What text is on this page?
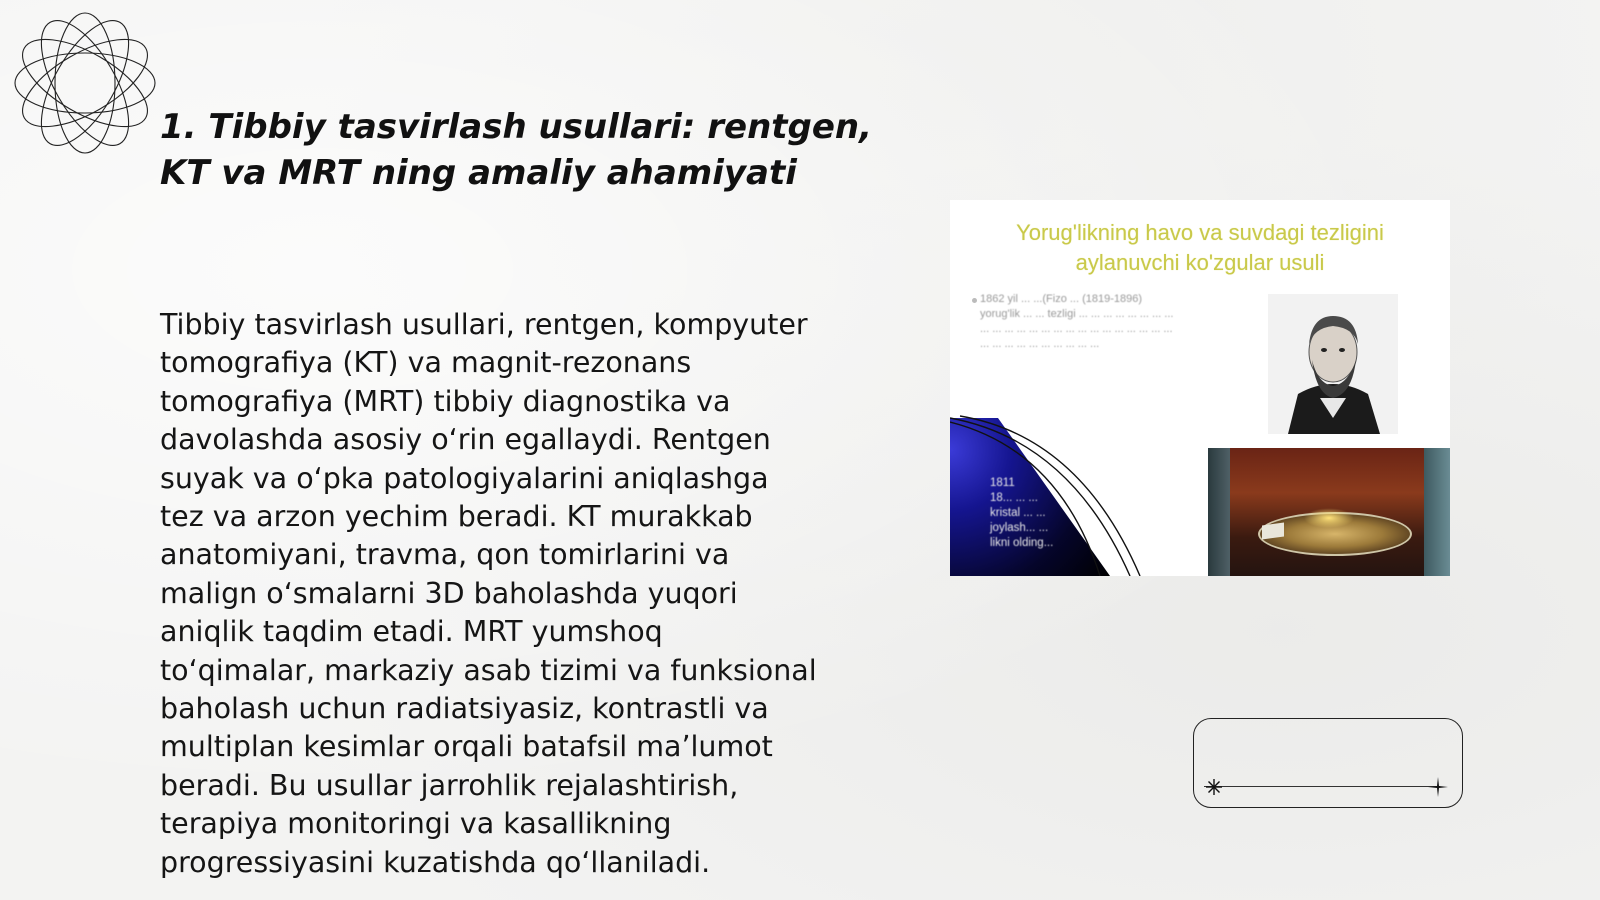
1. Tibbiy tasvirlash usullari: rentgen,
KT va MRT ning amaliy ahamiyati

Tibbiy tasvirlash usullari, rentgen, kompyuter
tomografiya (KT) va magnit-rezonans
tomografiya (MRT) tibbiy diagnostika va
davolashda asosiy oʻrin egallaydi. Rentgen
suyak va oʻpka patologiyalarini aniqlashga
tez va arzon yechim beradi. KT murakkab
anatomiyani, travma, qon tomirlarini va
malign oʻsmalarni 3D baholashda yuqori
aniqlik taqdim etadi. MRT yumshoq
toʻqimalar, markaziy asab tizimi va funksional
baholash uchun radiatsiyasiz, kontrastli va
multiplan kesimlar orqali batafsil maʼlumot
beradi. Bu usullar jarrohlik rejalashtirish,
terapiya monitoringi va kasallikning
progressiyasini kuzatishda qoʻllaniladi.

Yorug'likning havo va suvdagi tezligini
aylanuvchi ko'zgular usuli
1862 yil ... ...(Fizo ... (1819-1896) yorug'lik ... ... tezligi ... ... ... ... ... ... ... ... ... ... ... ... ... ... ... ... ... ... ... ... ... ... ... ... ... ... ... ... ... ... ... ... ... ...
1811
18... ... ...
kristal ... ...
joylash... ...
likni olding...
